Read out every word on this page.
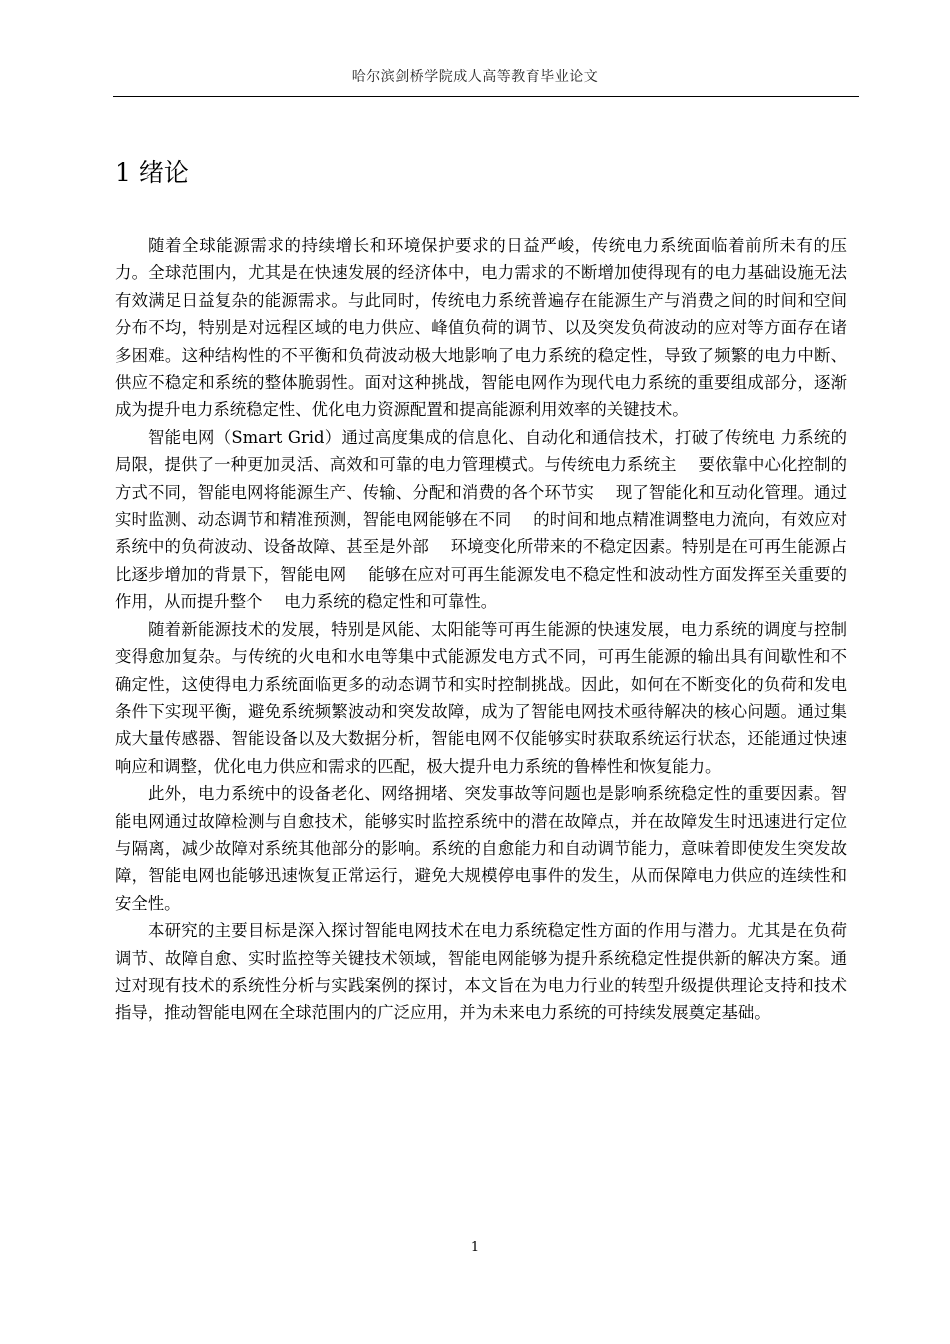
哈尔滨剑桥学院成人高等教育毕业论文
1 绪论

随着全球能源需求的持续增长和环境保护要求的日益严峻，传统电力系统面临着前所未有的压力。全球范围内，尤其是在快速发展的经济体中，电力需求的不断增加使得现有的电力基础设施无法有效满足日益复杂的能源需求。与此同时，传统电力系统普遍存在能源生产与消费之间的时间和空间分布不均，特别是对远程区域的电力供应、峰值负荷的调节、以及突发负荷波动的应对等方面存在诸多困难。这种结构性的不平衡和负荷波动极大地影响了电力系统的稳定性，导致了频繁的电力中断、供应不稳定和系统的整体脆弱性。面对这种挑战，智能电网作为现代电力系统的重要组成部分，逐渐成为提升电力系统稳定性、优化电力资源配置和提高能源利用效率的关键技术。

智能电网（Smart Grid）通过高度集成的信息化、自动化和通信技术，打破了传统电 力系统的局限，提供了一种更加灵活、高效和可靠的电力管理模式。与传统电力系统主　 要依靠中心化控制的方式不同，智能电网将能源生产、传输、分配和消费的各个环节实　 现了智能化和互动化管理。通过实时监测、动态调节和精准预测，智能电网能够在不同　 的时间和地点精准调整电力流向，有效应对系统中的负荷波动、设备故障、甚至是外部　 环境变化所带来的不稳定因素。特别是在可再生能源占比逐步增加的背景下，智能电网　 能够在应对可再生能源发电不稳定性和波动性方面发挥至关重要的作用，从而提升整个　 电力系统的稳定性和可靠性。

随着新能源技术的发展，特别是风能、太阳能等可再生能源的快速发展，电力系统的调度与控制变得愈加复杂。与传统的火电和水电等集中式能源发电方式不同，可再生能源的输出具有间歇性和不确定性，这使得电力系统面临更多的动态调节和实时控制挑战。因此，如何在不断变化的负荷和发电条件下实现平衡，避免系统频繁波动和突发故障，成为了智能电网技术亟待解决的核心问题。通过集成大量传感器、智能设备以及大数据分析，智能电网不仅能够实时获取系统运行状态，还能通过快速响应和调整，优化电力供应和需求的匹配，极大提升电力系统的鲁棒性和恢复能力。

此外，电力系统中的设备老化、网络拥堵、突发事故等问题也是影响系统稳定性的重要因素。智能电网通过故障检测与自愈技术，能够实时监控系统中的潜在故障点，并在故障发生时迅速进行定位与隔离，减少故障对系统其他部分的影响。系统的自愈能力和自动调节能力，意味着即使发生突发故障，智能电网也能够迅速恢复正常运行，避免大规模停电事件的发生，从而保障电力供应的连续性和安全性。

本研究的主要目标是深入探讨智能电网技术在电力系统稳定性方面的作用与潜力。尤其是在负荷调节、故障自愈、实时监控等关键技术领域，智能电网能够为提升系统稳定性提供新的解决方案。通过对现有技术的系统性分析与实践案例的探讨，本文旨在为电力行业的转型升级提供理论支持和技术指导，推动智能电网在全球范围内的广泛应用，并为未来电力系统的可持续发展奠定基础。

1
